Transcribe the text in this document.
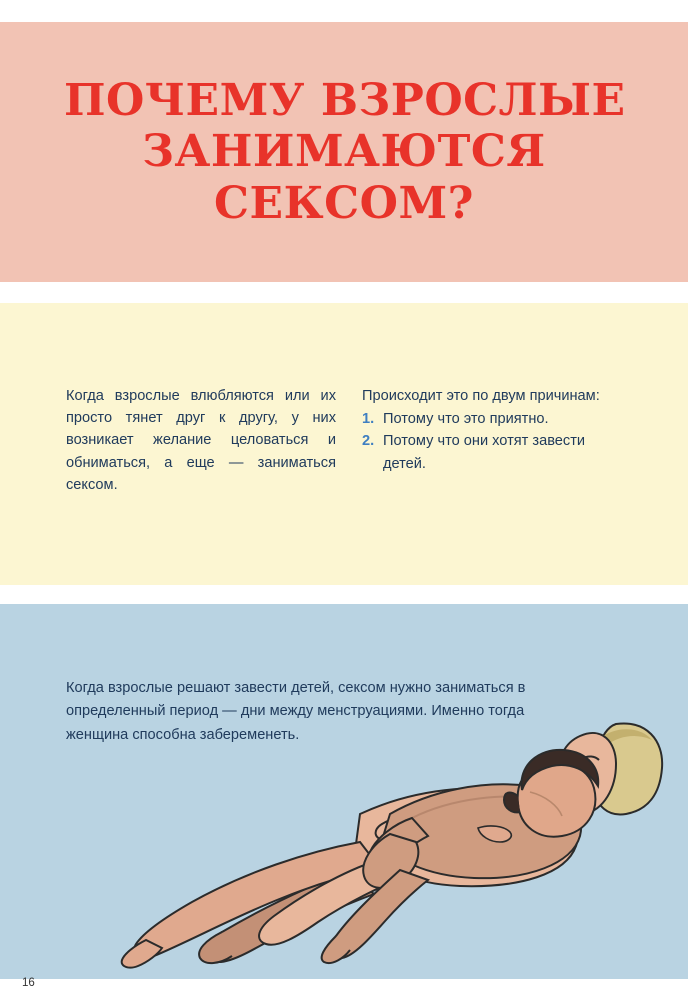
ПОЧЕМУ ВЗРОСЛЫЕ
ЗАНИМАЮТСЯ
СЕКСОМ?

Когда взрослые влюбляются или их просто тянет друг к другу, у них возникает желание целоваться и обниматься, а еще — заниматься сексом.

Происходит это по двум причинам:

1. Потому что это приятно.
2. Потому что они хотят завести детей.

Когда взрослые решают завести детей, сексом нужно заниматься в определенный период — дни между менструациями. Именно тогда женщина способна забеременеть.

16
